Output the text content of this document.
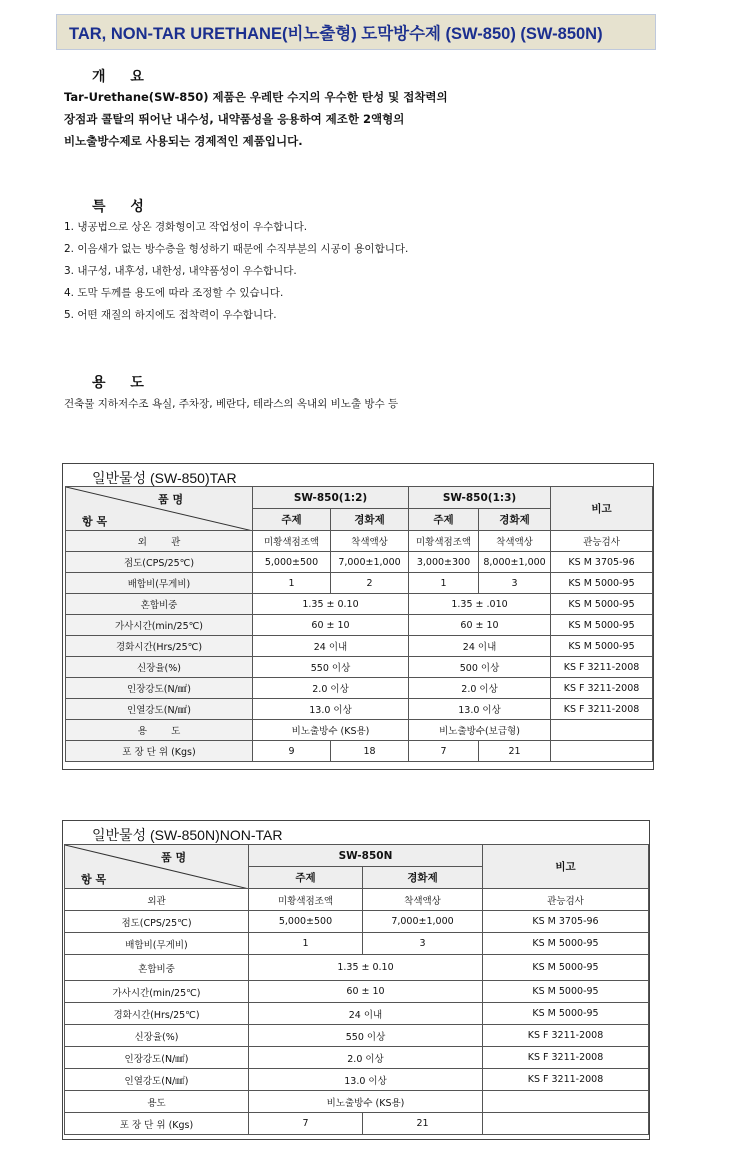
TAR, NON-TAR URETHANE(비노출형) 도막방수제 (SW-850) (SW-850N)
개 요
Tar-Urethane(SW-850) 제품은 우레탄 수지의 우수한 탄성 및 접착력의
장점과 콜탈의 뛰어난 내수성, 내약품성을 응용하여 제조한 2액형의
비노출방수제로 사용되는 경제적인 제품입니다.
특 성
1. 냉공법으로 상온 경화형이고 작업성이 우수합니다.
2. 이음새가 없는 방수층을 형성하기 때문에 수직부분의 시공이 용이합니다.
3. 내구성, 내후성, 내한성, 내약품성이 우수합니다.
4. 도막 두께를 용도에 따라 조정할 수 있습니다.
5. 어떤 재질의 하지에도 접착력이 우수합니다.
용 도
건축물 지하저수조 욕실, 주차장, 베란다, 테라스의 옥내외 비노출 방수 등
일반물성 (SW-850)TAR
품 명
항 목	SW-850(1:2)		SW-850(1:3)		비고
	주제	경화제	주제	경화제	
외        관	미황색점조액	착색액상	미황색점조액	착색액상	관능검사
점도(CPS/25℃)	5,000±500	7,000±1,000	3,000±300	8,000±1,000	KS M 3705-96
배합비(무게비)	1	2	1	3	KS M 5000-95
혼합비중	1.35 ± 0.10		1.35 ± .010		KS M 5000-95
가사시간(min/25℃)	60 ± 10		60 ± 10		KS M 5000-95
경화시간(Hrs/25℃)	24 이내		24 이내		KS M 5000-95
신장율(%)	550 이상		500 이상		KS F 3211-2008
인장강도(N/㎟)	2.0 이상		2.0 이상		KS F 3211-2008
인열강도(N/㎟)	13.0 이상		13.0 이상		KS F 3211-2008
용        도	비노출방수 (KS용)		비노출방수(보급형)		
포 장 단 위 (Kgs)	9	18	7	21	
일반물성 (SW-850N)NON-TAR
품 명
항 목	SW-850N		비고
	주제	경화제	
외관	미황색점조액	착색액상	관능검사
점도(CPS/25℃)	5,000±500	7,000±1,000	KS M 3705-96
배합비(무게비)	1	3	KS M 5000-95
혼합비중	1.35 ± 0.10		KS M 5000-95
가사시간(min/25℃)	60 ± 10		KS M 5000-95
경화시간(Hrs/25℃)	24 이내		KS M 5000-95
신장율(%)	550 이상		KS F 3211-2008
인장강도(N/㎟)	2.0 이상		KS F 3211-2008
인열강도(N/㎟)	13.0 이상		KS F 3211-2008
용도	비노출방수 (KS용)		
포 장 단 위 (Kgs)	7	21	
